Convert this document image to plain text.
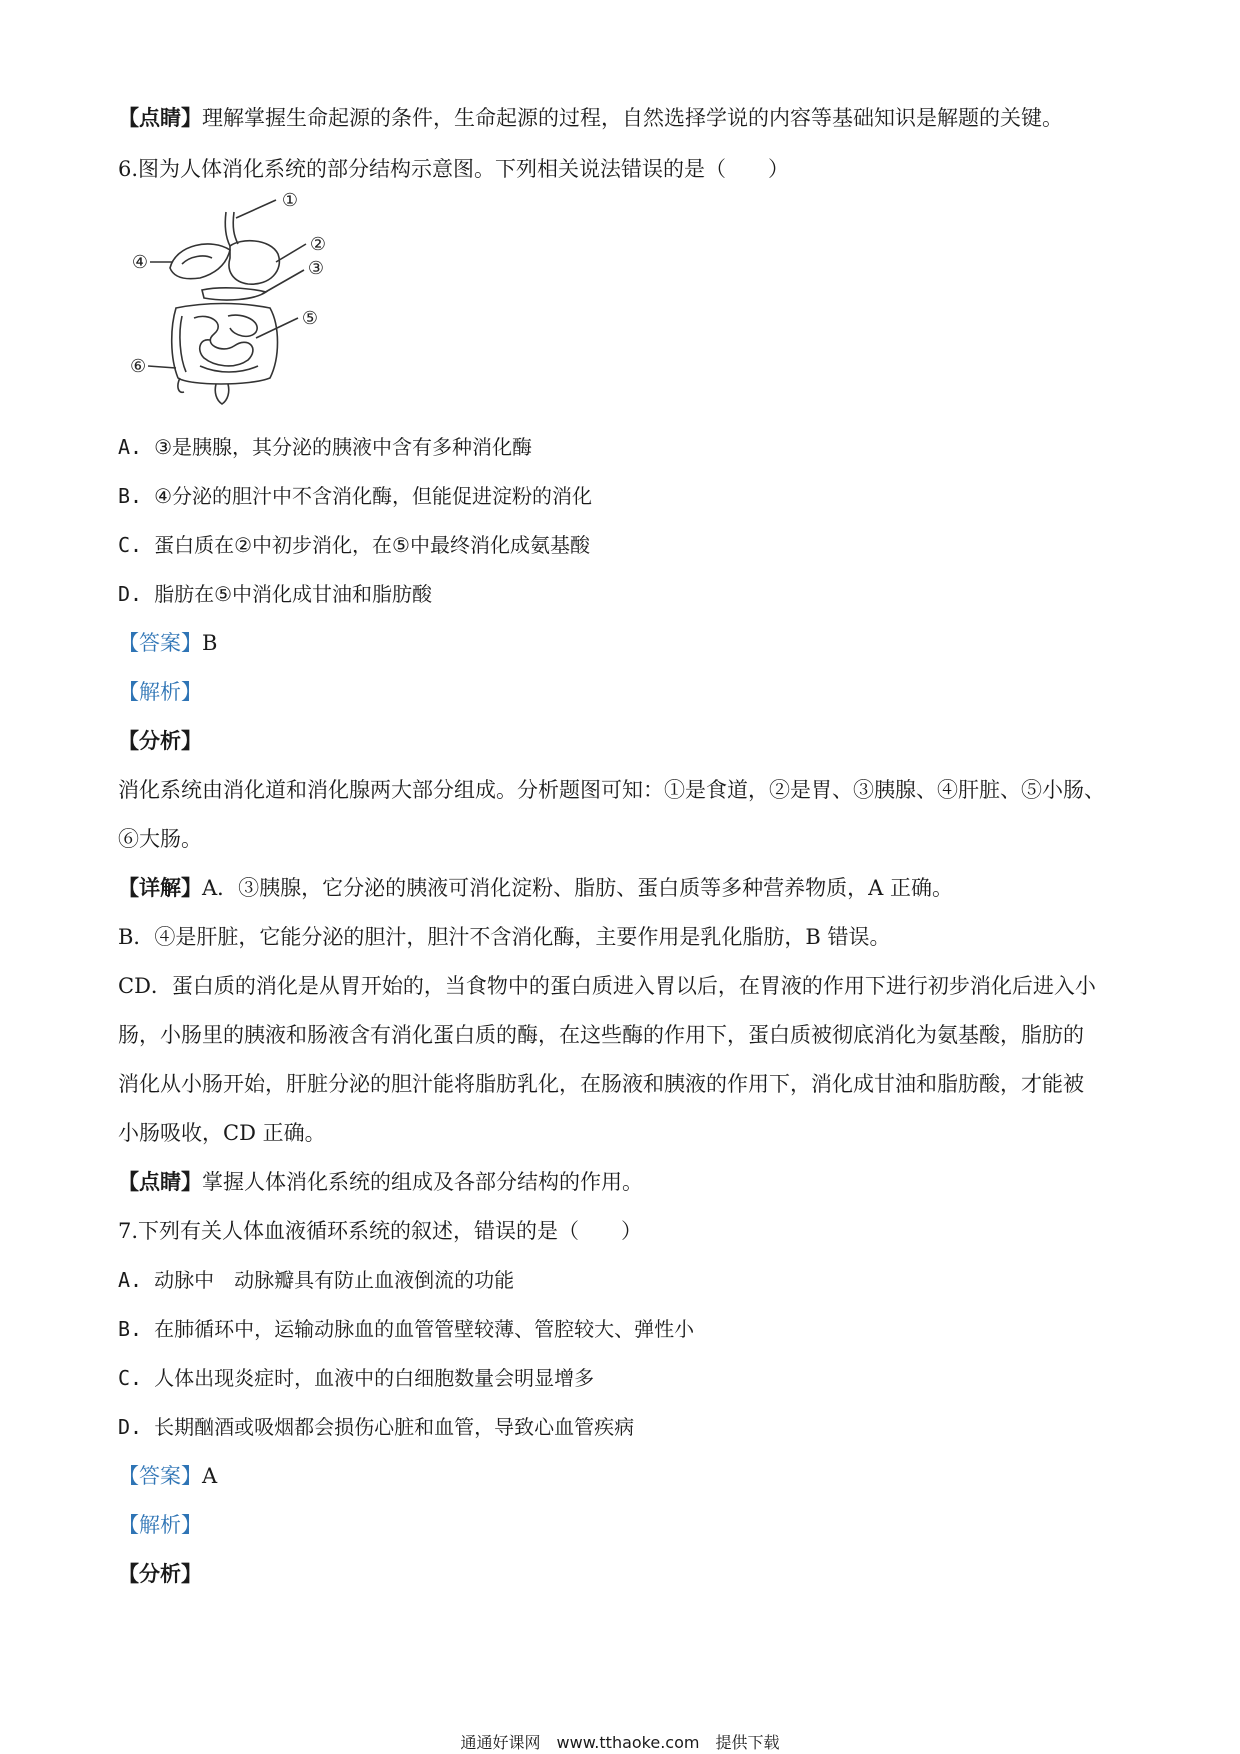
【点睛】理解掌握生命起源的条件，生命起源的过程，自然选择学说的内容等基础知识是解题的关键。
6.图为人体消化系统的部分结构示意图。下列相关说法错误的是（　　）
①
②
③
④
⑤
⑥
A. ③是胰腺，其分泌的胰液中含有多种消化酶
B. ④分泌的胆汁中不含消化酶，但能促进淀粉的消化
C. 蛋白质在②中初步消化，在⑤中最终消化成氨基酸
D. 脂肪在⑤中消化成甘油和脂肪酸
【答案】B
【解析】
【分析】
消化系统由消化道和消化腺两大部分组成。分析题图可知：①是食道，②是胃、③胰腺、④肝脏、⑤小肠、
⑥大肠。
【详解】A．③胰腺，它分泌的胰液可消化淀粉、脂肪、蛋白质等多种营养物质，A 正确。
B．④是肝脏，它能分泌的胆汁，胆汁不含消化酶，主要作用是乳化脂肪，B 错误。
CD．蛋白质的消化是从胃开始的，当食物中的蛋白质进入胃以后，在胃液的作用下进行初步消化后进入小
肠，小肠里的胰液和肠液含有消化蛋白质的酶，在这些酶的作用下，蛋白质被彻底消化为氨基酸，脂肪的
消化从小肠开始，肝脏分泌的胆汁能将脂肪乳化，在肠液和胰液的作用下，消化成甘油和脂肪酸，才能被
小肠吸收，CD 正确。
【点睛】掌握人体消化系统的组成及各部分结构的作用。
7.下列有关人体血液循环系统的叙述，错误的是（　　）
A. 动脉中　动脉瓣具有防止血液倒流的功能
B. 在肺循环中，运输动脉血的血管管壁较薄、管腔较大、弹性小
C. 人体出现炎症时，血液中的白细胞数量会明显增多
D. 长期酗酒或吸烟都会损伤心脏和血管，导致心血管疾病
【答案】A
【解析】
【分析】
通通好课网　www.tthaoke.com　提供下载
